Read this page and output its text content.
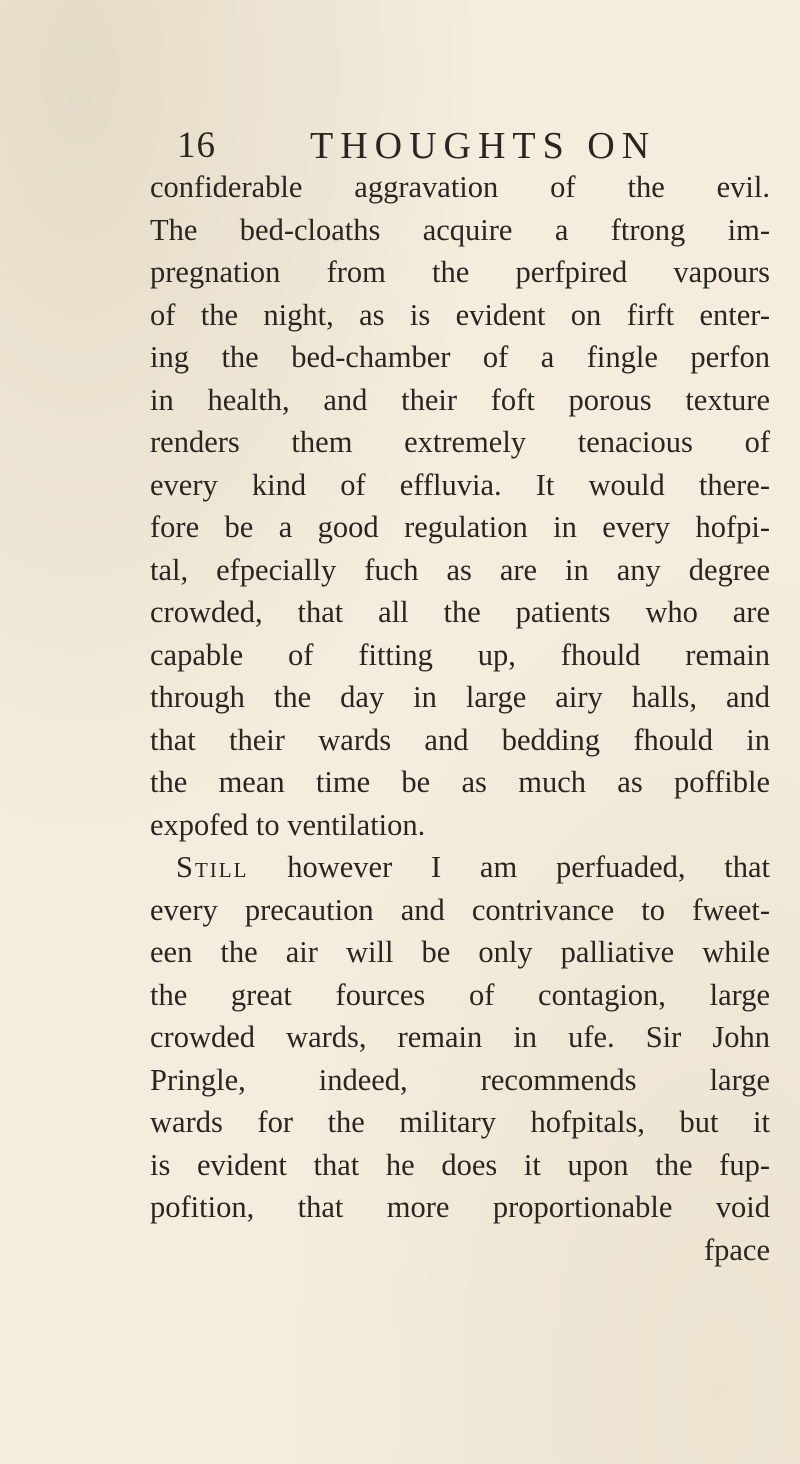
16 THOUGHTS ON
confiderable aggravation of the evil.
The bed-cloaths acquire a ftrong im-
pregnation from the perfpired vapours
of the night, as is evident on firft enter-
ing the bed-chamber of a fingle perfon
in health, and their foft porous texture
renders them extremely tenacious of
every kind of effluvia. It would there-
fore be a good regulation in every hofpi-
tal, efpecially fuch as are in any degree
crowded, that all the patients who are
capable of fitting up, fhould remain
through the day in large airy halls, and
that their wards and bedding fhould in
the mean time be as much as poffible
expofed to ventilation.
Still however I am perfuaded, that
every precaution and contrivance to fweet-
een the air will be only palliative while
the great fources of contagion, large
crowded wards, remain in ufe. Sir John
Pringle, indeed, recommends large
wards for the military hofpitals, but it
is evident that he does it upon the fup-
pofition, that more proportionable void
fpace
